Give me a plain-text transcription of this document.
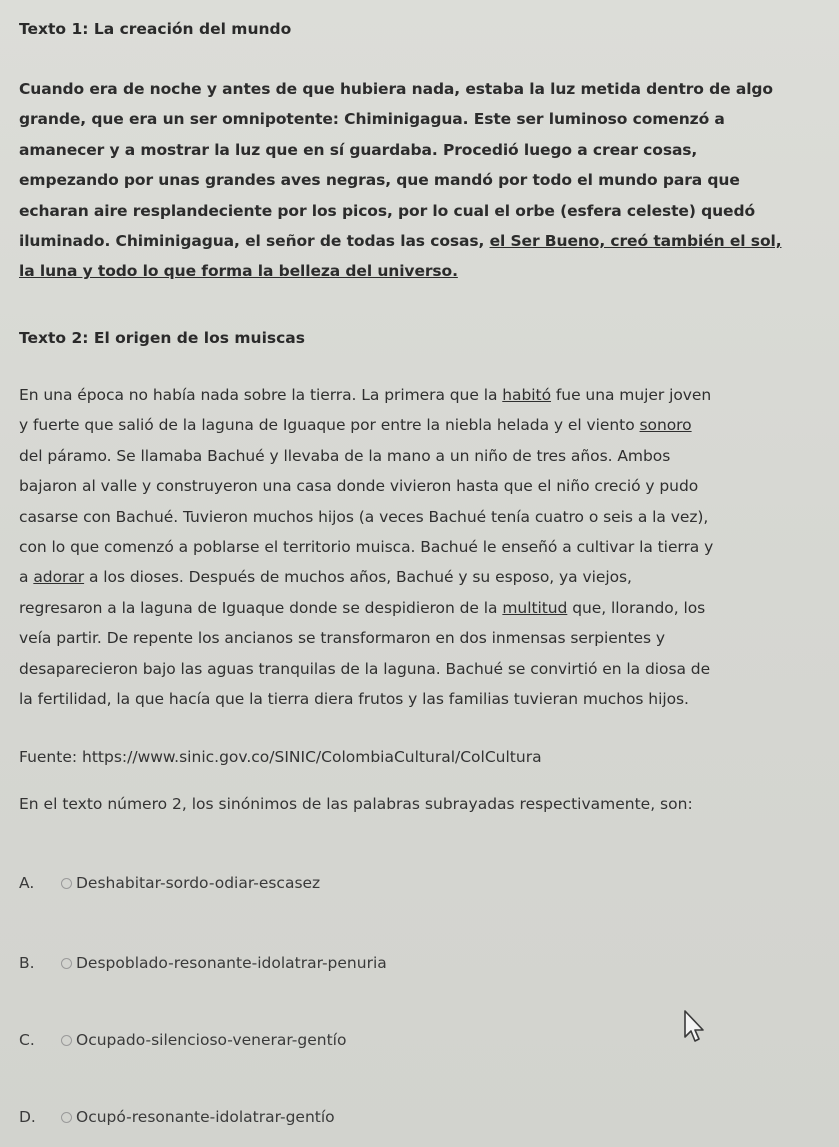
Texto 1: La creación del mundo
Cuando era de noche y antes de que hubiera nada, estaba la luz metida dentro de algo
grande, que era un ser omnipotente: Chiminigagua. Este ser luminoso comenzó a
amanecer y a mostrar la luz que en sí guardaba. Procedió luego a crear cosas,
empezando por unas grandes aves negras, que mandó por todo el mundo para que
echaran aire resplandeciente por los picos, por lo cual el orbe (esfera celeste) quedó
iluminado. Chiminigagua, el señor de todas las cosas, el Ser Bueno, creó también el sol,
la luna y todo lo que forma la belleza del universo.
Texto 2: El origen de los muiscas
En una época no había nada sobre la tierra. La primera que la habitó fue una mujer joven
y fuerte que salió de la laguna de Iguaque por entre la niebla helada y el viento sonoro
del páramo. Se llamaba Bachué y llevaba de la mano a un niño de tres años. Ambos
bajaron al valle y construyeron una casa donde vivieron hasta que el niño creció y pudo
casarse con Bachué. Tuvieron muchos hijos (a veces Bachué tenía cuatro o seis a la vez),
con lo que comenzó a poblarse el territorio muisca. Bachué le enseñó a cultivar la tierra y
a adorar a los dioses. Después de muchos años, Bachué y su esposo, ya viejos,
regresaron a la laguna de Iguaque donde se despidieron de la multitud que, llorando, los
veía partir. De repente los ancianos se transformaron en dos inmensas serpientes y
desaparecieron bajo las aguas tranquilas de la laguna. Bachué se convirtió en la diosa de
la fertilidad, la que hacía que la tierra diera frutos y las familias tuvieran muchos hijos.
Fuente: https://www.sinic.gov.co/SINIC/ColombiaCultural/ColCultura
En el texto número 2, los sinónimos de las palabras subrayadas respectivamente, son:
A.	Deshabitar-sordo-odiar-escasez
B.	Despoblado-resonante-idolatrar-penuria
C.	Ocupado-silencioso-venerar-gentío
D.	Ocupó-resonante-idolatrar-gentío
